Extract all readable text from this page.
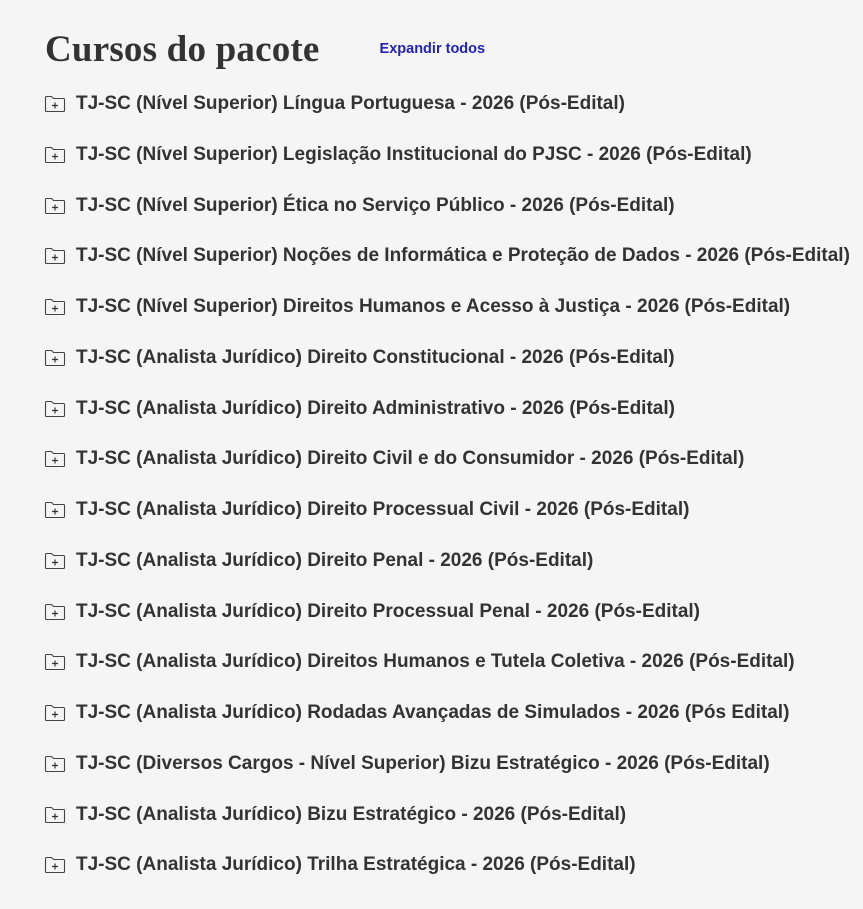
Cursos do pacote	Expandir todos
TJ-SC (Nível Superior) Língua Portuguesa - 2026 (Pós-Edital)
TJ-SC (Nível Superior) Legislação Institucional do PJSC - 2026 (Pós-Edital)
TJ-SC (Nível Superior) Ética no Serviço Público - 2026 (Pós-Edital)
TJ-SC (Nível Superior) Noções de Informática e Proteção de Dados - 2026 (Pós-Edital)
TJ-SC (Nível Superior) Direitos Humanos e Acesso à Justiça - 2026 (Pós-Edital)
TJ-SC (Analista Jurídico) Direito Constitucional - 2026 (Pós-Edital)
TJ-SC (Analista Jurídico) Direito Administrativo - 2026 (Pós-Edital)
TJ-SC (Analista Jurídico) Direito Civil e do Consumidor - 2026 (Pós-Edital)
TJ-SC (Analista Jurídico) Direito Processual Civil - 2026 (Pós-Edital)
TJ-SC (Analista Jurídico) Direito Penal - 2026 (Pós-Edital)
TJ-SC (Analista Jurídico) Direito Processual Penal - 2026 (Pós-Edital)
TJ-SC (Analista Jurídico) Direitos Humanos e Tutela Coletiva - 2026 (Pós-Edital)
TJ-SC (Analista Jurídico) Rodadas Avançadas de Simulados - 2026 (Pós Edital)
TJ-SC (Diversos Cargos - Nível Superior) Bizu Estratégico - 2026 (Pós-Edital)
TJ-SC (Analista Jurídico) Bizu Estratégico - 2026 (Pós-Edital)
TJ-SC (Analista Jurídico) Trilha Estratégica - 2026 (Pós-Edital)
